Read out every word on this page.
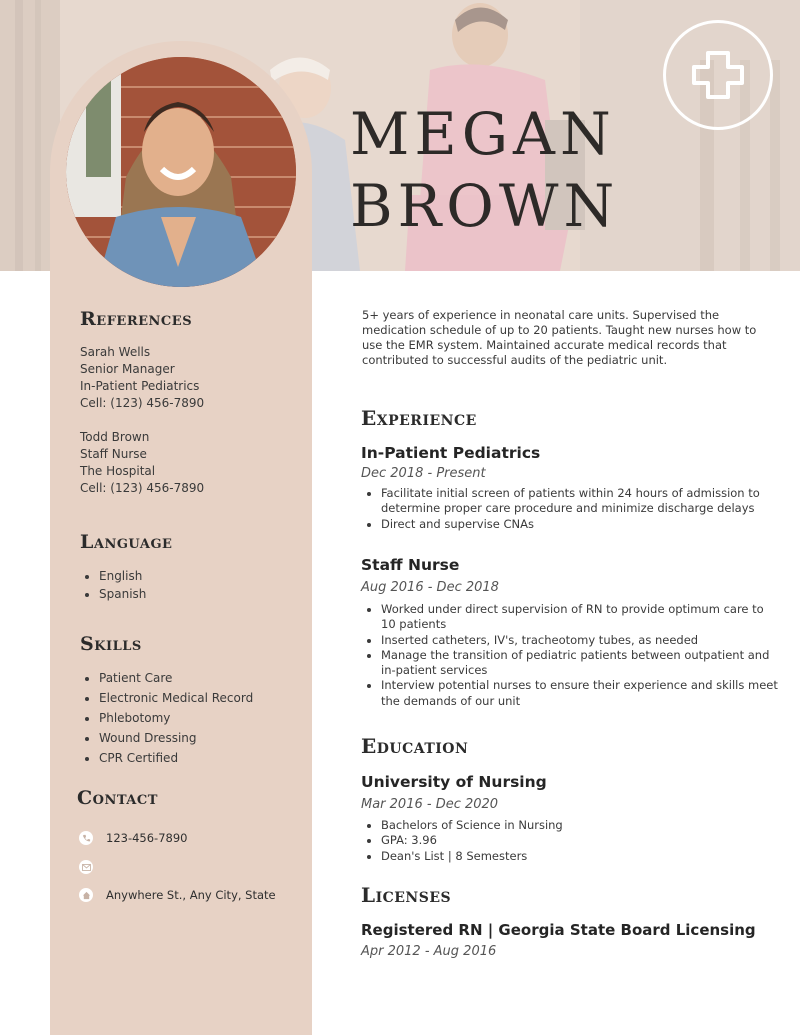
MEGAN
BROWN
References
Sarah Wells
Senior Manager
In-Patient Pediatrics
Cell: (123) 456-7890
Todd Brown
Staff Nurse
The Hospital
Cell: (123) 456-7890
Language
• English
• Spanish
Skills
• Patient Care
• Electronic Medical Record
• Phlebotomy
• Wound Dressing
• CPR Certified
Contact
123-456-7890
Anywhere St., Any City, State

5+ years of experience in neonatal care units. Supervised the medication schedule of up to 20 patients. Taught new nurses how to use the EMR system. Maintained accurate medical records that contributed to successful audits of the pediatric unit.

Experience
In-Patient Pediatrics
Dec 2018 - Present
• Facilitate initial screen of patients within 24 hours of admission to determine proper care procedure and minimize discharge delays
• Direct and supervise CNAs
Staff Nurse
Aug 2016 - Dec 2018
• Worked under direct supervision of RN to provide optimum care to 10 patients
• Inserted catheters, IV's, tracheotomy tubes, as needed
• Manage the transition of pediatric patients between outpatient and in-patient services
• Interview potential nurses to ensure their experience and skills meet the demands of our unit
Education
University of Nursing
Mar 2016 - Dec 2020
• Bachelors of Science in Nursing
• GPA: 3.96
• Dean's List | 8 Semesters
Licenses
Registered RN | Georgia State Board Licensing
Apr 2012 - Aug 2016
